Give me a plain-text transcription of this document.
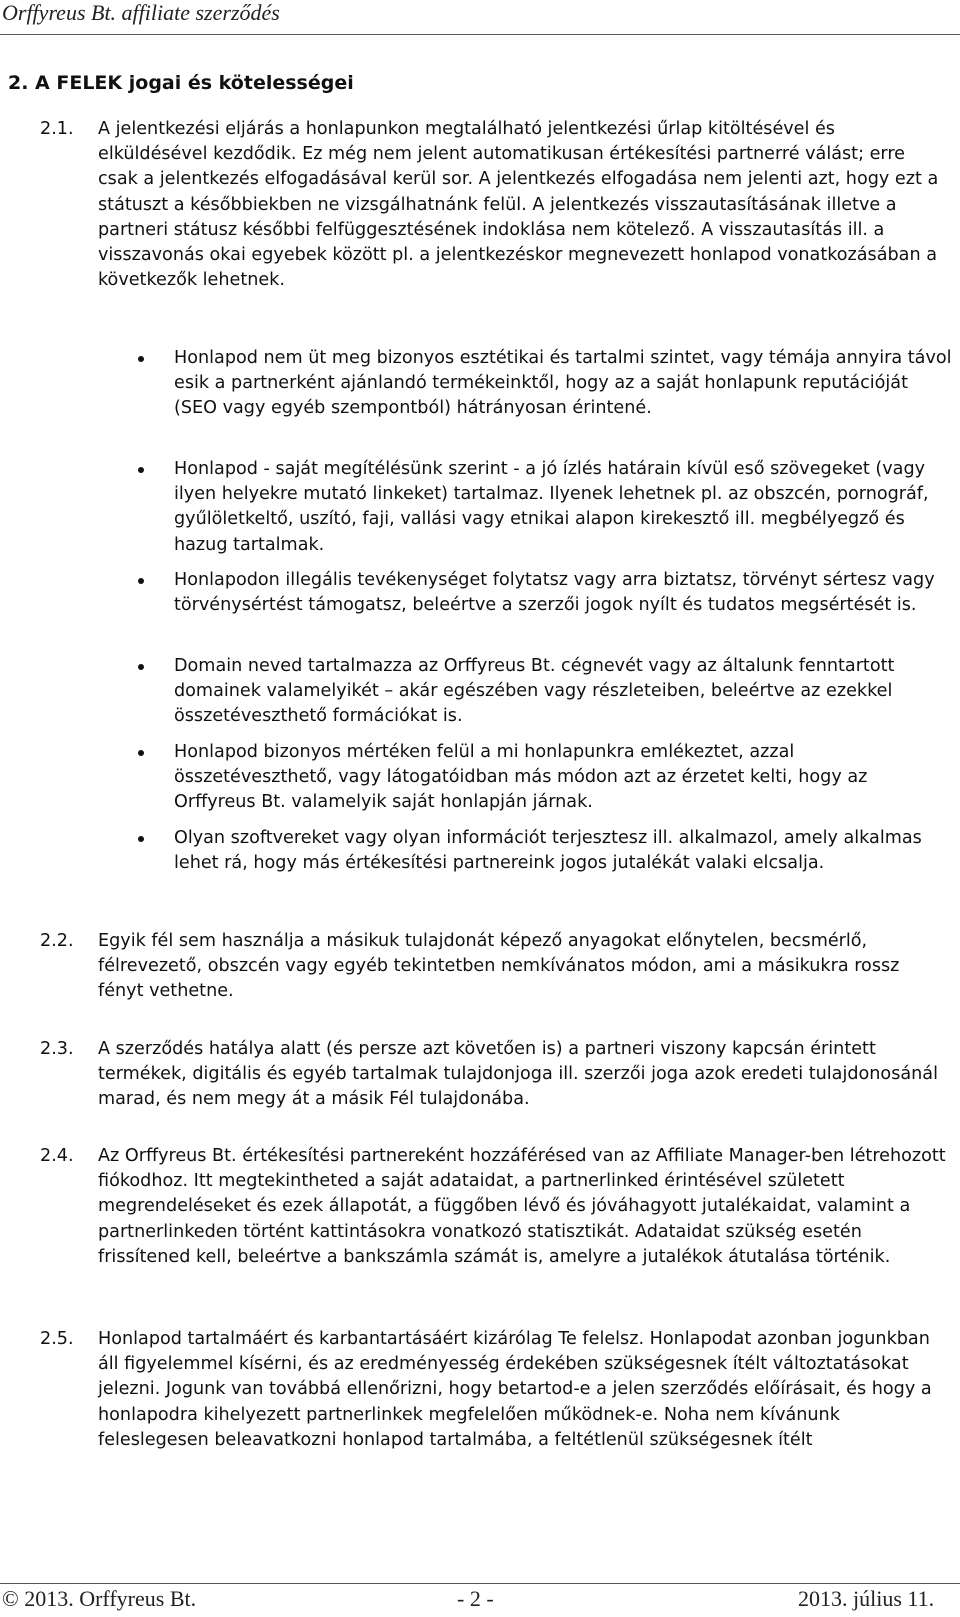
Orffyreus Bt. affiliate szerződés
2. A FELEK jogai és kötelességei
2.1. A jelentkezési eljárás a honlapunkon megtalálható jelentkezési űrlap kitöltésével és elküldésével kezdődik. Ez még nem jelent automatikusan értékesítési partnerré válást; erre csak a jelentkezés elfogadásával kerül sor. A jelentkezés elfogadása nem jelenti azt, hogy ezt a státuszt a későbbiekben ne vizsgálhatnánk felül. A jelentkezés visszautasításának illetve a partneri státusz későbbi felfüggesztésének indoklása nem kötelező. A visszautasítás ill. a visszavonás okai egyebek között pl. a jelentkezéskor megnevezett honlapod vonatkozásában a következők lehetnek.

Honlapod nem üt meg bizonyos esztétikai és tartalmi szintet, vagy témája annyira távol esik a partnerként ajánlandó termékeinktől, hogy az a saját honlapunk reputációját (SEO vagy egyéb szempontból) hátrányosan érintené.

Honlapod - saját megítélésünk szerint - a jó ízlés határain kívül eső szövegeket (vagy ilyen helyekre mutató linkeket) tartalmaz. Ilyenek lehetnek pl. az obszcén, pornográf, gyűlöletkeltő, uszító, faji, vallási vagy etnikai alapon kirekesztő ill. megbélyegző és hazug tartalmak.

Honlapodon illegális tevékenységet folytatsz vagy arra biztatsz, törvényt sértesz vagy törvénysértést támogatsz, beleértve a szerzői jogok nyílt és tudatos megsértését is.

Domain neved tartalmazza az Orffyreus Bt. cégnevét vagy az általunk fenntartott domainek valamelyikét – akár egészében vagy részleteiben, beleértve az ezekkel összetéveszthető formációkat is.

Honlapod bizonyos mértéken felül a mi honlapunkra emlékeztet, azzal összetéveszthető, vagy látogatóidban más módon azt az érzetet kelti, hogy az Orffyreus Bt. valamelyik saját honlapján járnak.

Olyan szoftvereket vagy olyan információt terjesztesz ill. alkalmazol, amely alkalmas lehet rá, hogy más értékesítési partnereink jogos jutalékát valaki elcsalja.

2.2. Egyik fél sem használja a másikuk tulajdonát képező anyagokat előnytelen, becsmérlő, félrevezető, obszcén vagy egyéb tekintetben nemkívánatos módon, ami a másikukra rossz fényt vethetne.

2.3. A szerződés hatálya alatt (és persze azt követően is) a partneri viszony kapcsán érintett termékek, digitális és egyéb tartalmak tulajdonjoga ill. szerzői joga azok eredeti tulajdonosánál marad, és nem megy át a másik Fél tulajdonába.

2.4. Az Orffyreus Bt. értékesítési partnereként hozzáférésed van az Affiliate Manager-ben létrehozott fiókodhoz. Itt megtekintheted a saját adataidat, a partnerlinked érintésével született megrendeléseket és ezek állapotát, a függőben lévő és jóváhagyott jutalékaidat, valamint a partnerlinkeden történt kattintásokra vonatkozó statisztikát. Adataidat szükség esetén frissítened kell, beleértve a bankszámla számát is, amelyre a jutalékok átutalása történik.

2.5. Honlapod tartalmáért és karbantartásáért kizárólag Te felelsz. Honlapodat azonban jogunkban áll figyelemmel kísérni, és az eredményesség érdekében szükségesnek ítélt változtatásokat jelezni. Jogunk van továbbá ellenőrizni, hogy betartod-e a jelen szerződés előírásait, és hogy a honlapodra kihelyezett partnerlinkek megfelelően működnek-e. Noha nem kívánunk feleslegesen beleavatkozni honlapod tartalmába, a feltétlenül szükségesnek ítélt

© 2013. Orffyreus Bt.	- 2 -	2013. július 11.
